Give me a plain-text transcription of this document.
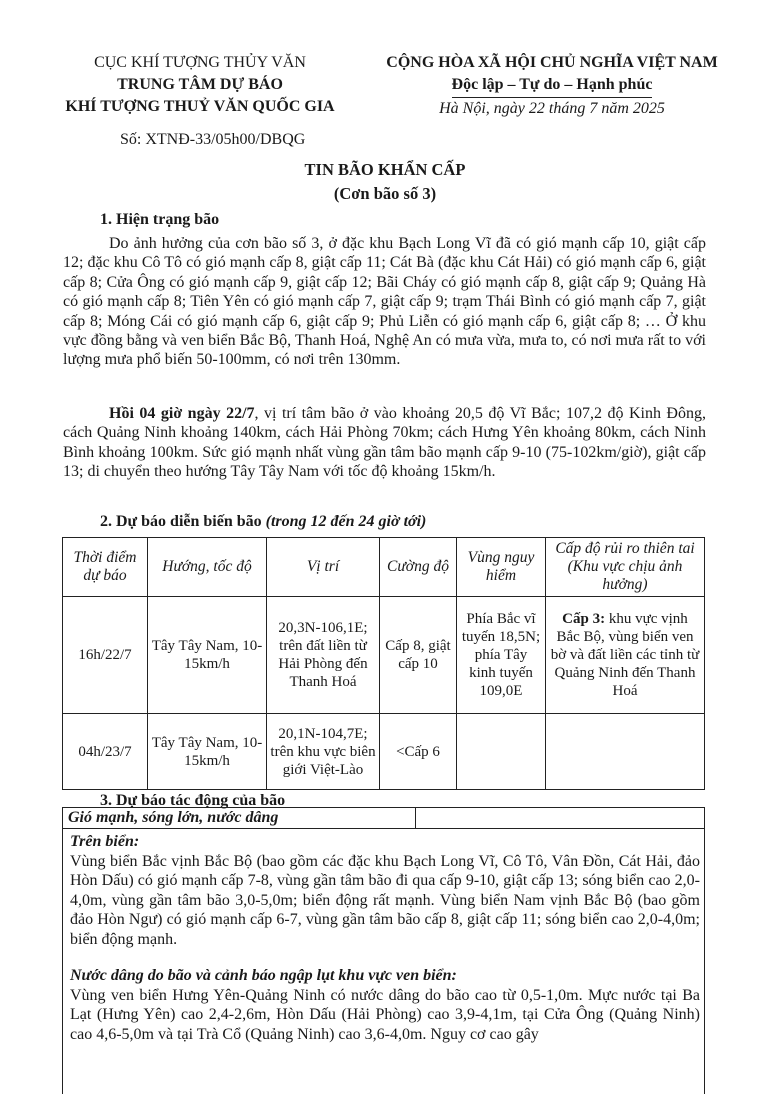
CỤC KHÍ TƯỢNG THỦY VĂN
TRUNG TÂM DỰ BÁO
KHÍ TƯỢNG THUỶ VĂN QUỐC GIA
CỘNG HÒA XÃ HỘI CHỦ NGHĨA VIỆT NAM
Độc lập – Tự do – Hạnh phúc
Hà Nội, ngày 22 tháng 7 năm 2025
Số: XTNĐ-33/05h00/DBQG
TIN BÃO KHẨN CẤP
(Cơn bão số 3)
1. Hiện trạng bão
Do ảnh hưởng của cơn bão số 3, ở đặc khu Bạch Long Vĩ đã có gió mạnh cấp 10, giật cấp 12; đặc khu Cô Tô có gió mạnh cấp 8, giật cấp 11; Cát Bà (đặc khu Cát Hải) có gió mạnh cấp 6, giật cấp 8; Cửa Ông có gió mạnh cấp 9, giật cấp 12; Bãi Cháy có gió mạnh cấp 8, giật cấp 9; Quảng Hà có gió mạnh cấp 8; Tiên Yên có gió mạnh cấp 7, giật cấp 9; trạm Thái Bình có gió mạnh cấp 7, giật cấp 8; Móng Cái có gió mạnh cấp 6, giật cấp 9; Phủ Liễn có gió mạnh cấp 6, giật cấp 8; … Ở khu vực đồng bằng và ven biển Bắc Bộ, Thanh Hoá, Nghệ An có mưa vừa, mưa to, có nơi mưa rất to với lượng mưa phổ biến 50-100mm, có nơi trên 130mm.
Hồi 04 giờ ngày 22/7, vị trí tâm bão ở vào khoảng 20,5 độ Vĩ Bắc; 107,2 độ Kinh Đông, cách Quảng Ninh khoảng 140km, cách Hải Phòng 70km; cách Hưng Yên khoảng 80km, cách Ninh Bình khoảng 100km. Sức gió mạnh nhất vùng gần tâm bão mạnh cấp 9-10 (75-102km/giờ), giật cấp 13; di chuyển theo hướng Tây Tây Nam với tốc độ khoảng 15km/h.
2. Dự báo diễn biến bão (trong 12 đến 24 giờ tới)
Thời điểm dự báo	Hướng, tốc độ	Vị trí	Cường độ	Vùng nguy hiểm	Cấp độ rủi ro thiên tai (Khu vực chịu ảnh hưởng)
16h/22/7	Tây Tây Nam, 10-15km/h	20,3N-106,1E; trên đất liền từ Hải Phòng đến Thanh Hoá	Cấp 8, giật cấp 10	Phía Bắc vĩ tuyến 18,5N; phía Tây kinh tuyến 109,0E	Cấp 3: khu vực vịnh Bắc Bộ, vùng biển ven bờ và đất liền các tỉnh từ Quảng Ninh đến Thanh Hoá
04h/23/7	Tây Tây Nam, 10-15km/h	20,1N-104,7E; trên khu vực biên giới Việt-Lào	<Cấp 6		
3. Dự báo tác động của bão
Gió mạnh, sóng lớn, nước dâng
Trên biển:
Vùng biển Bắc vịnh Bắc Bộ (bao gồm các đặc khu Bạch Long Vĩ, Cô Tô, Vân Đồn, Cát Hải, đảo Hòn Dấu) có gió mạnh cấp 7-8, vùng gần tâm bão đi qua cấp 9-10, giật cấp 13; sóng biển cao 2,0-4,0m, vùng gần tâm bão 3,0-5,0m; biển động rất mạnh. Vùng biển Nam vịnh Bắc Bộ (bao gồm đảo Hòn Ngư) có gió mạnh cấp 6-7, vùng gần tâm bão cấp 8, giật cấp 11; sóng biển cao 2,0-4,0m; biển động mạnh.
Nước dâng do bão và cảnh báo ngập lụt khu vực ven biển:
Vùng ven biển Hưng Yên-Quảng Ninh có nước dâng do bão cao từ 0,5-1,0m. Mực nước tại Ba Lạt (Hưng Yên) cao 2,4-2,6m, Hòn Dấu (Hải Phòng) cao 3,9-4,1m, tại Cửa Ông (Quảng Ninh) cao 4,6-5,0m và tại Trà Cổ (Quảng Ninh) cao 3,6-4,0m. Nguy cơ cao gây
